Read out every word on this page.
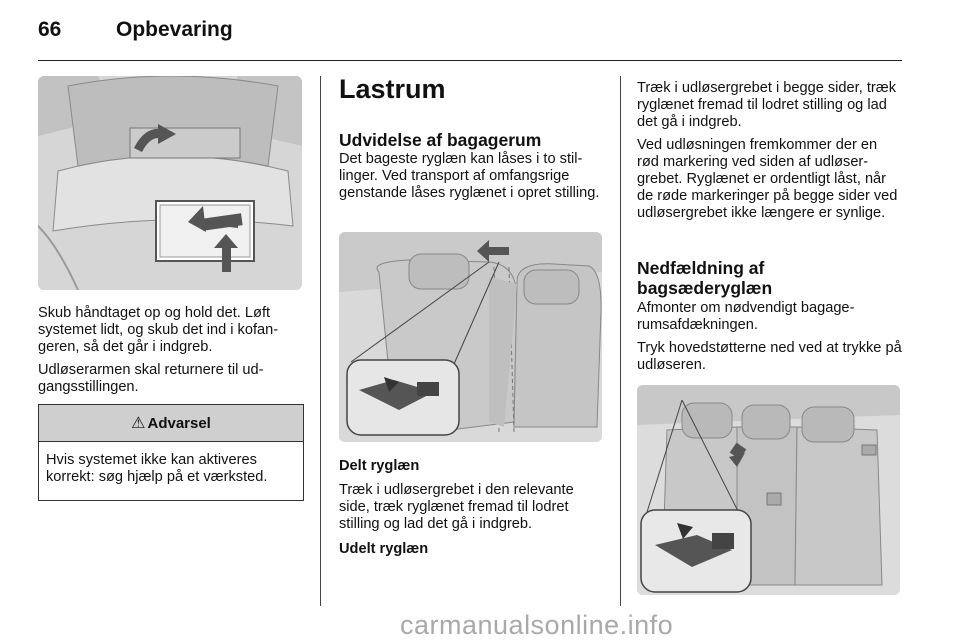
66	Opbevaring

Skub håndtaget op og hold det. Løft systemet lidt, og skub det ind i kofangeren, så det går i indgreb.

Udløserarmen skal returnere til udgangsstillingen.

⚠ Advarsel
Hvis systemet ikke kan aktiveres korrekt: søg hjælp på et værksted.
Lastrum
Udvidelse af bagagerum
Det bageste ryglæn kan låses i to stillinger. Ved transport af omfangsrige genstande låses ryglænet i opret stilling.
Delt ryglæn
Træk i udløsergrebet i den relevante side, træk ryglænet fremad til lodret stilling og lad det gå i indgreb.
Udelt ryglæn

Træk i udløsergrebet i begge sider, træk ryglænet fremad til lodret stilling og lad det gå i indgreb.

Ved udløsningen fremkommer der en rød markering ved siden af udløsergrebet. Ryglænet er ordentligt låst, når de røde markeringer på begge sider ved udløsergrebet ikke længere er synlige.

Nedfældning af
bagsæderyglæn

Afmonter om nødvendigt bagagerumsafdækningen.

Tryk hovedstøtterne ned ved at trykke på udløseren.

carmanualsonline.info
